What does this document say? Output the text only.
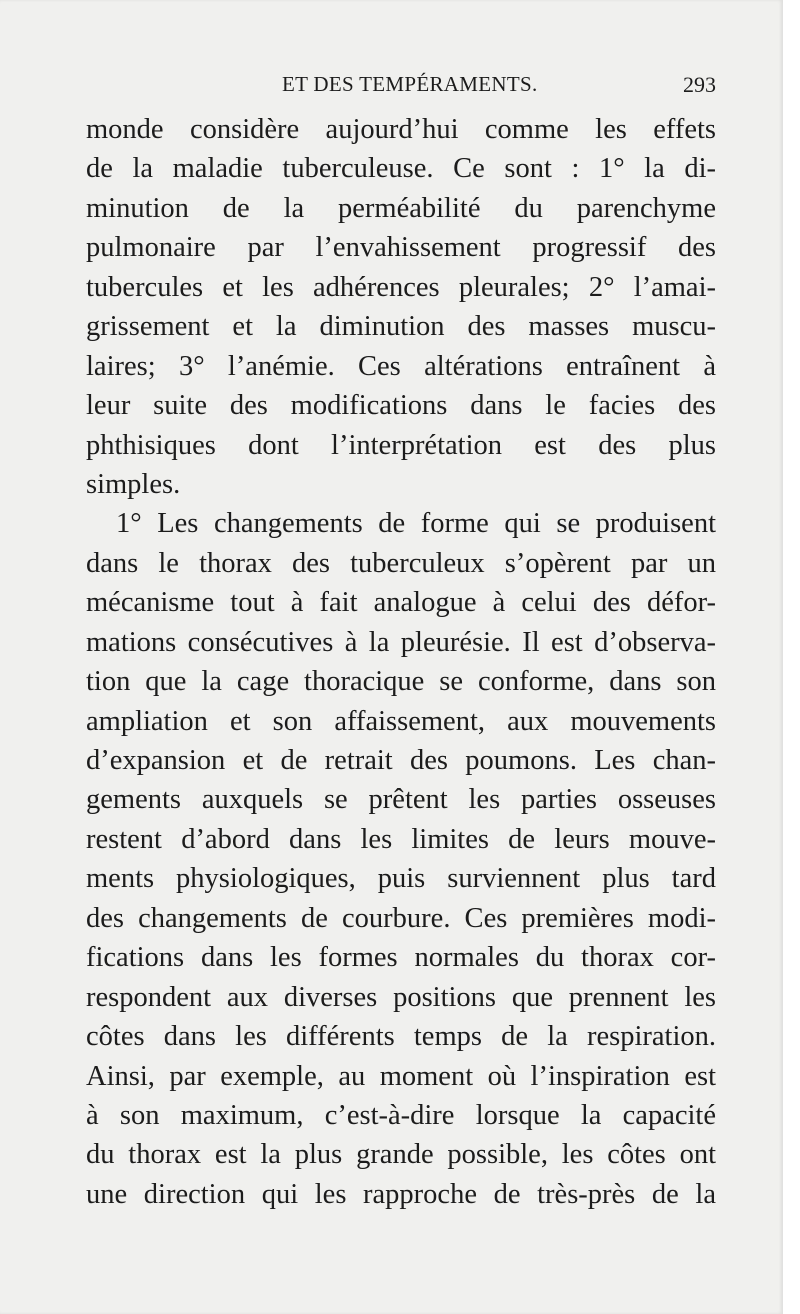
ET DES TEMPÉRAMENTS.	293
monde considère aujourd’hui comme les effets
de la maladie tuberculeuse. Ce sont : 1° la di-
minution de la perméabilité du parenchyme
pulmonaire par l’envahissement progressif des
tubercules et les adhérences pleurales; 2° l’amai-
grissement et la diminution des masses muscu-
laires; 3° l’anémie. Ces altérations entraînent à
leur suite des modifications dans le facies des
phthisiques dont l’interprétation est des plus
simples.
1° Les changements de forme qui se produisent
dans le thorax des tuberculeux s’opèrent par un
mécanisme tout à fait analogue à celui des défor-
mations consécutives à la pleurésie. Il est d’observa-
tion que la cage thoracique se conforme, dans son
ampliation et son affaissement, aux mouvements
d’expansion et de retrait des poumons. Les chan-
gements auxquels se prêtent les parties osseuses
restent d’abord dans les limites de leurs mouve-
ments physiologiques, puis surviennent plus tard
des changements de courbure. Ces premières modi-
fications dans les formes normales du thorax cor-
respondent aux diverses positions que prennent les
côtes dans les différents temps de la respiration.
Ainsi, par exemple, au moment où l’inspiration est
à son maximum, c’est-à-dire lorsque la capacité
du thorax est la plus grande possible, les côtes ont
une direction qui les rapproche de très-près de la
